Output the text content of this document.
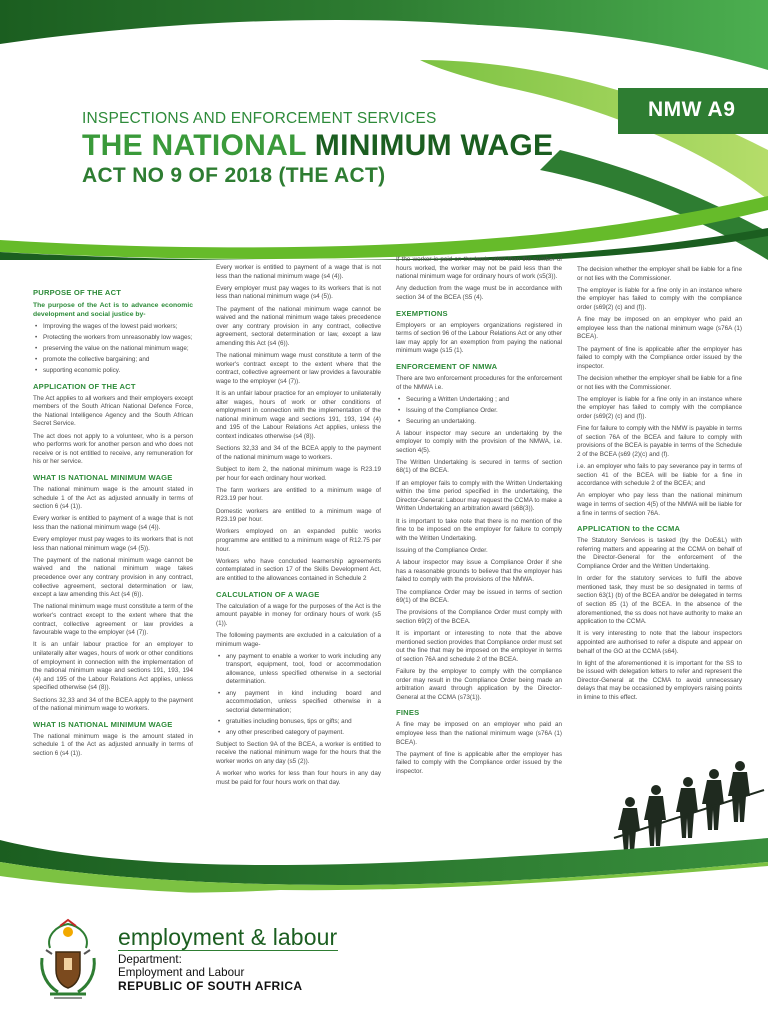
NMW A9
INSPECTIONS AND ENFORCEMENT SERVICES
THE NATIONAL MINIMUM WAGE
ACT NO 9 OF 2018 (THE ACT)
PURPOSE OF THE ACT

The purpose of the Act is to advance economic development and social justice by-

• Improving the wages of the lowest paid workers;
• Protecting the workers from unreasonably low wages;
• preserving the value on the national minimum wage;
• promote the collective bargaining; and
• supporting economic policy.
APPLICATION OF THE ACT

The Act applies to all workers and their employers except members of the South African National Defence Force, the National Intelligence Agency and the South African Secret Service.

The act does not apply to a volunteer, who is a person who performs work for another person and who does not receive or is not entitled to receive, any remuneration for his or her service.

WHAT IS NATIONAL MINIMUM WAGE

The national minimum wage is the amount stated in schedule 1 of the Act as adjusted annually in terms of section 6 (s4 (1)).

Every worker is entitled to payment of a wage that is not less than the national minimum wage (s4 (4)).

Every employer must pay wages to its workers that is not less than national minimum wage (s4 (5)).

The payment of the national minimum wage cannot be waived and the national minimum wage takes precedence over any contrary provision in any contract, collective agreement, sectoral determination or law, except a law amending this Act (s4 (6)).

The national minimum wage must constitute a term of the worker's contract except to the extent where that the contract, collective agreement or law provides a favourable wage to the employer (s4 (7)).

It is an unfair labour practice for an employer to unilaterally alter wages, hours of work or other conditions of employment in connection with the implementation of the national minimum wage and sections 191, 193, 194 (4) and 195 of the Labour Relations Act applies, unless specified otherwise (s4 (8)).

Sections 32,33 and 34 of the BCEA apply to the payment of the national minimum wage to workers.

WHAT IS NATIONAL MINIMUM WAGE

The national minimum wage is the amount stated in schedule 1 of the Act as adjusted annually in terms of section 6 (s4 (1)).

Every worker is entitled to payment of a wage that is not less than the national minimum wage (s4 (4)).

Every employer must pay wages to its workers that is not less than national minimum wage (s4 (5)).

The payment of the national minimum wage cannot be waived and the national minimum wage takes precedence over any contrary provision in any contract, collective agreement, sectoral determination or law, except a law amending this Act (s4 (6)).

The national minimum wage must constitute a term of the worker's contract except to the extent where that the contract, collective agreement or law provides a favourable wage to the employer (s4 (7)).

It is an unfair labour practice for an employer to unilaterally alter wages, hours of work or other conditions of employment in connection with the implementation of the national minimum wage and sections 191, 193, 194 (4) and 195 of the Labour Relations Act applies, unless the context indicates otherwise (s4 (8)).

Sections 32,33 and 34 of the BCEA apply to the payment of the national minimum wage to workers.

Subject to item 2, the national minimum wage is R23.19 per hour for each ordinary hour worked.

The farm workers are entitled to a minimum wage of R23.19 per hour.

Domestic workers are entitled to a minimum wage of R23.19 per hour.

Workers employed on an expanded public works programme are entitled to a minimum wage of R12.75 per hour.

Workers who have concluded learnership agreements contemplated in section 17 of the Skills Development Act, are entitled to the allowances contained in Schedule 2

CALCULATION OF A WAGE

The calculation of a wage for the purposes of the Act is the amount payable in money for ordinary hours of work (s5 (1)).

The following payments are excluded in a calculation of a minimum wage-

• any payment to enable a worker to work including any transport, equipment, tool, food or accommodation allowance, unless specified otherwise in a sectorial determination.
• any payment in kind including board and accommodation, unless specified otherwise in a sectorial determination;
• gratuities including bonuses, tips or gifts; and
• any other prescribed category of payment.

Subject to Section 9A of the BCEA, a worker is entitled to receive the national minimum wage for the hours that the worker works on any day (s5 (2)).

A worker who works for less than four hours in any day must be paid for four hours work on that day.

If the worker is paid on the basis other than the number of hours worked, the worker may not be paid less than the national minimum wage for ordinary hours of work (s5(3)).

Any deduction from the wage must be in accordance with section 34 of the BCEA (S5 (4).

EXEMPTIONS

Employers or an employers organizations registered in terms of section 96 of the Labour Relations Act or any other law may apply for an exemption from paying the national minimum wage (s15 (1).

ENFORCEMENT OF NMWA

There are two enforcement procedures for the enforcement of the NMWA i.e.

• Securing a Written Undertaking ; and
• Issuing of the Compliance Order.
• Securing an undertaking.

A labour inspector may secure an undertaking by the employer to comply with the provision of the NMWA, i.e. section 4(5).

The Written Undertaking is secured in terms of section 68(1) of the BCEA.

If an employer fails to comply with the Written Undertaking within the time period specified in the undertaking, the Director-General: Labour may request the CCMA to make a Written Undertaking an arbitration award (s68(3)).

It is important to take note that there is no mention of the fine to be imposed on the employer for failure to comply with the Written Undertaking.

Issuing of the Compliance Order.

A labour inspector may issue a Compliance Order if she has a reasonable grounds to believe that the employer has failed to comply with the provisions of the NMWA.

The compliance Order may be issued in terms of section 69(1) of the BCEA.

The provisions of the Compliance Order must comply with section 69(2) of the BCEA.

It is important or interesting to note that the above mentioned section provides that Compliance order must set out the fine that may be imposed on the employer in terms of section 76A and schedule 2 of the BCEA.

Failure by the employer to comply with the compliance order may result in the Compliance Order being made an arbitration award through application by the Director-General at the CCMA (s73(1)).

FINES

A fine may be imposed on an employer who paid an employee less than the national minimum wage (s76A (1) BCEA).

The payment of fine is applicable after the employer has failed to comply with the Compliance order issued by the inspector.

The decision whether the employer shall be liable for a fine or not lies with the Commissioner.

The employer is liable for a fine only in an instance where the employer has failed to comply with the compliance order (s69(2) (c) and (f)).

A fine may be imposed on an employer who paid an employee less than the national minimum wage (s76A (1) BCEA).

The payment of fine is applicable after the employer has failed to comply with the Compliance order issued by the inspector.

The decision whether the employer shall be liable for a fine or not lies with the Commissioner.

The employer is liable for a fine only in an instance where the employer has failed to comply with the compliance order (s69(2) (c) and (f)).

Fine for failure to comply with the NMW is payable in terms of section 76A of the BCEA and failure to comply with provisions of the BCEA is payable in terms of the Schedule 2 of the BCEA (s69 (2)(c) and (f).

i.e. an employer who fails to pay severance pay in terms of section 41 of the BCEA will be liable for a fine in accordance with schedule 2 of the BCEA; and

An employer who pay less than the national minimum wage in terms of section 4(5) of the NMWA will be liable for a fine in terms of section 76A.

APPLICATION to the CCMA

The Statutory Services is tasked (by the DoE&L) with referring matters and appearing at the CCMA on behalf of the Director-General for the enforcement of the Compliance Order and the Written Undertaking.

In order for the statutory services to fulfil the above mentioned task, they must be so designated in terms of section 63(1) (b) of the BCEA and/or be delegated in terms of section 85 (1) of the BCEA. In the absence of the aforementioned, the ss does not have authority to make an application to the CCMA.

It is very interesting to note that the labour inspectors appointed are authorised to refer a dispute and appear on behalf of the GO at the CCMA (s64).

In light of the aforementioned it is important for the SS to be issued with delegation letters to refer and represent the Director-General at the CCMA to avoid unnecessary delays that may be occasioned by employers raising points in limine to this effect.

employment & labour
Department:
Employment and Labour
REPUBLIC OF SOUTH AFRICA
